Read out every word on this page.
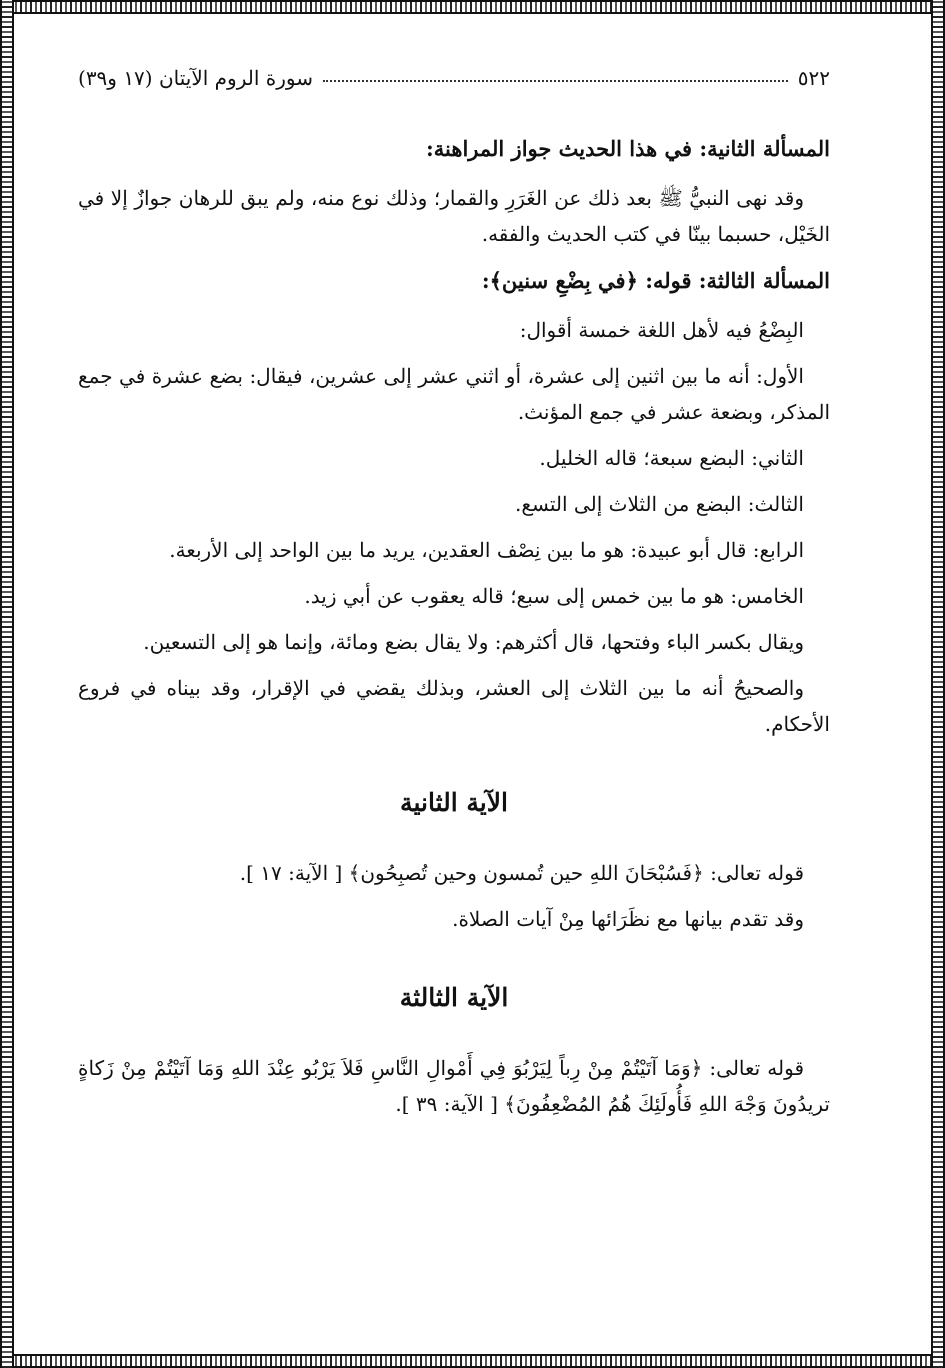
٥٢٢
سورة الروم الآيتان (١٧ و٣٩)

المسألة الثانية: في هذا الحديث جواز المراهنة:

وقد نهى النبيُّ ﷺ بعد ذلك عن الغَرَرِ والقمار؛ وذلك نوع منه، ولم يبق للرهان جوازٌ إلا في الخَيْل، حسبما بينّا في كتب الحديث والفقه.

المسألة الثالثة: قوله: ﴿في بِضْعِ سنين﴾:

البِضْعُ فيه لأهل اللغة خمسة أقوال:

الأول: أنه ما بين اثنين إلى عشرة، أو اثني عشر إلى عشرين، فيقال: بضع عشرة في جمع المذكر، وبضعة عشر في جمع المؤنث.

الثاني: البضع سبعة؛ قاله الخليل.

الثالث: البضع من الثلاث إلى التسع.

الرابع: قال أبو عبيدة: هو ما بين نِصْف العقدين، يريد ما بين الواحد إلى الأربعة.

الخامس: هو ما بين خمس إلى سبع؛ قاله يعقوب عن أبي زيد.

ويقال بكسر الباء وفتحها، قال أكثرهم: ولا يقال بضع ومائة، وإنما هو إلى التسعين.

والصحيحُ أنه ما بين الثلاث إلى العشر، وبذلك يقضي في الإقرار، وقد بيناه في فروع الأحكام.

الآية الثانية

قوله تعالى: ﴿فَسُبْحَانَ اللهِ حين تُمسون وحين تُصبِحُون﴾ [ الآية: ١٧ ].

وقد تقدم بيانها مع نظَرَائها مِنْ آيات الصلاة.

الآية الثالثة

قوله تعالى: ﴿وَمَا آتَيْتُمْ مِنْ رِباً لِيَرْبُوَ فِي أَمْوالِ النَّاسِ فَلاَ يَرْبُو عِنْدَ اللهِ وَمَا آتَيْتُمْ مِنْ زَكاةٍ تريدُونَ وَجْهَ اللهِ فَأُولَئِكَ هُمُ المُضْعِفُونَ﴾ [ الآية: ٣٩ ].
